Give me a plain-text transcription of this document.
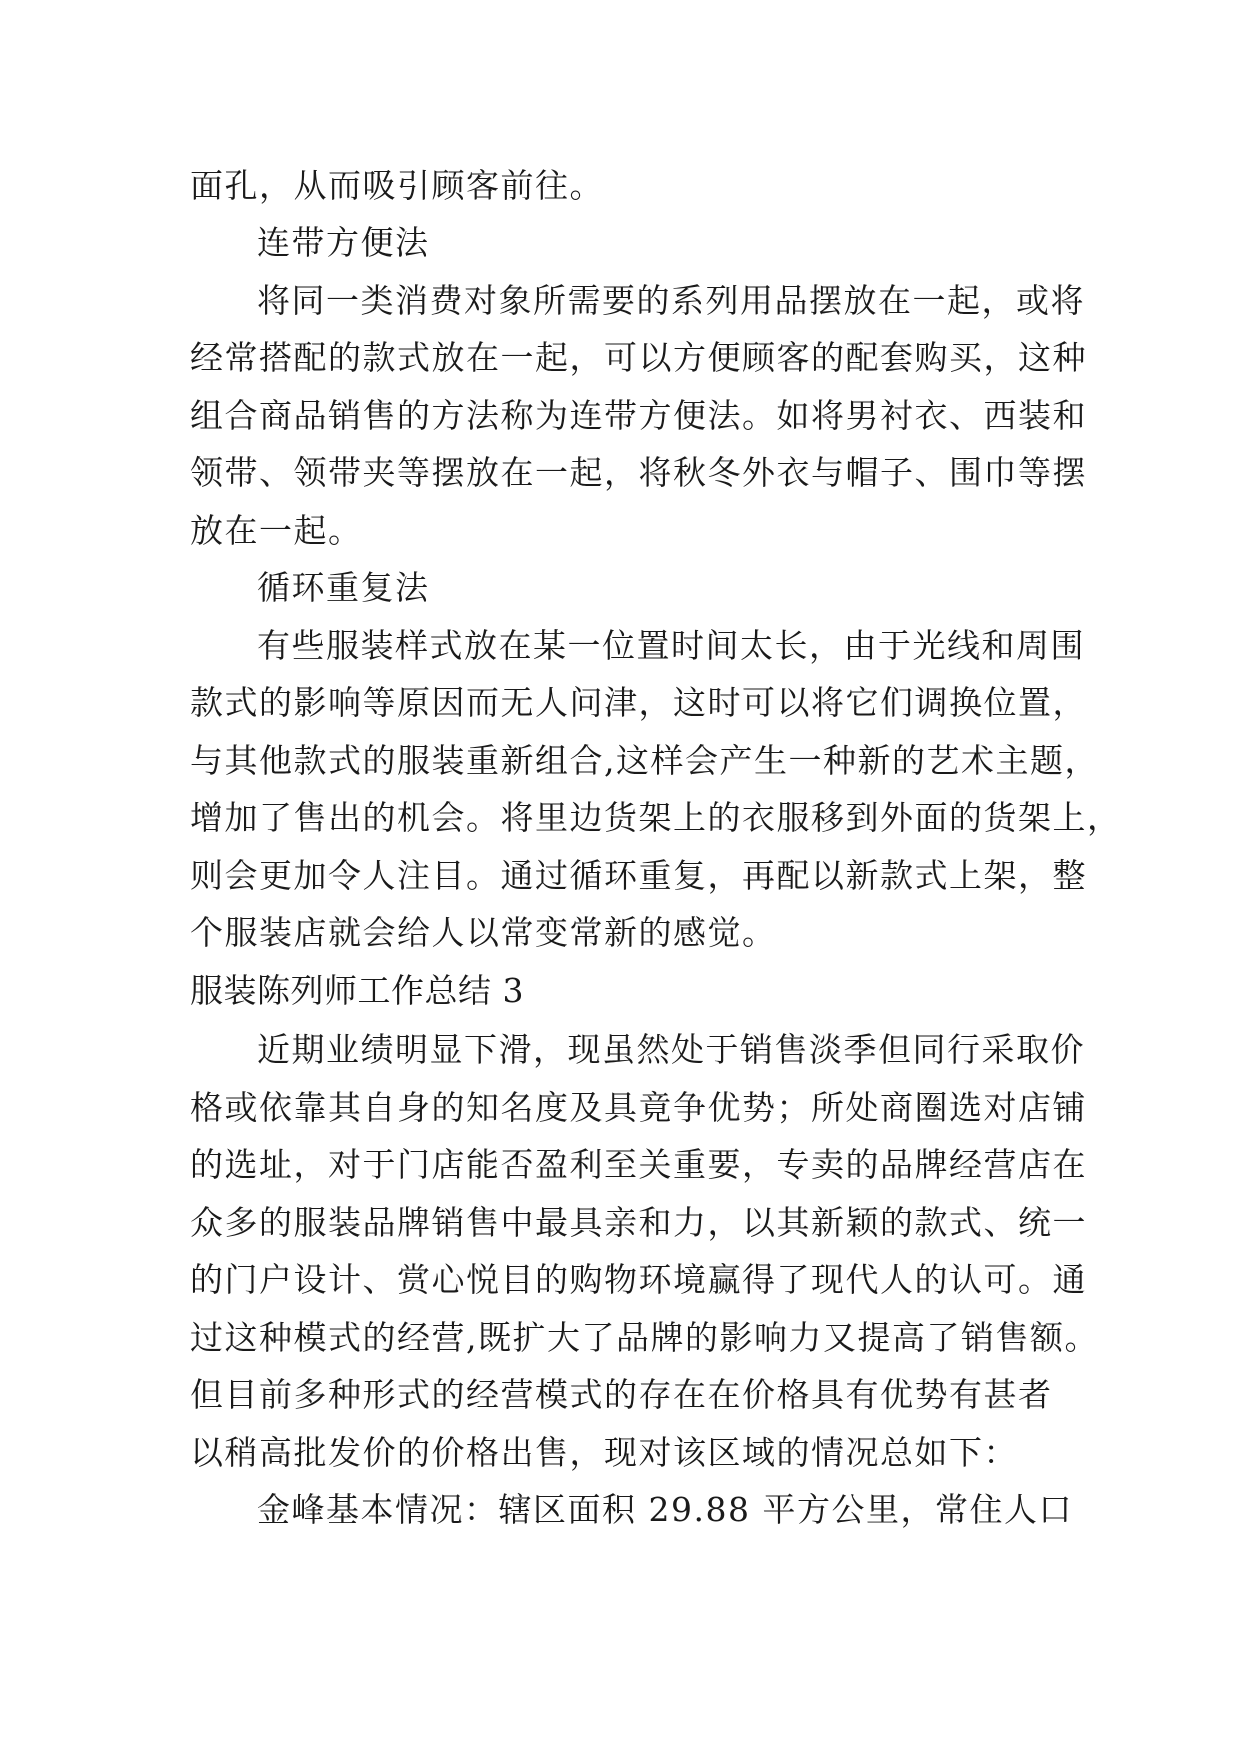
面孔，从而吸引顾客前往。
连带方便法
将同一类消费对象所需要的系列用品摆放在一起，或将
经常搭配的款式放在一起，可以方便顾客的配套购买，这种
组合商品销售的方法称为连带方便法。如将男衬衣、西装和
领带、领带夹等摆放在一起，将秋冬外衣与帽子、围巾等摆
放在一起。
循环重复法
有些服装样式放在某一位置时间太长，由于光线和周围
款式的影响等原因而无人问津，这时可以将它们调换位置，
与其他款式的服装重新组合,这样会产生一种新的艺术主题，
增加了售出的机会。将里边货架上的衣服移到外面的货架上，
则会更加令人注目。通过循环重复，再配以新款式上架，整
个服装店就会给人以常变常新的感觉。
服装陈列师工作总结 3
近期业绩明显下滑，现虽然处于销售淡季但同行采取价
格或依靠其自身的知名度及具竟争优势；所处商圈选对店铺
的选址，对于门店能否盈利至关重要，专卖的品牌经营店在
众多的服装品牌销售中最具亲和力，以其新颖的款式、统一
的门户设计、赏心悦目的购物环境赢得了现代人的认可。通
过这种模式的经营,既扩大了品牌的影响力又提高了销售额。
但目前多种形式的经营模式的存在在价格具有优势有甚者
以稍高批发价的价格出售，现对该区域的情况总如下：
金峰基本情况：辖区面积 29.88 平方公里，常住人口
